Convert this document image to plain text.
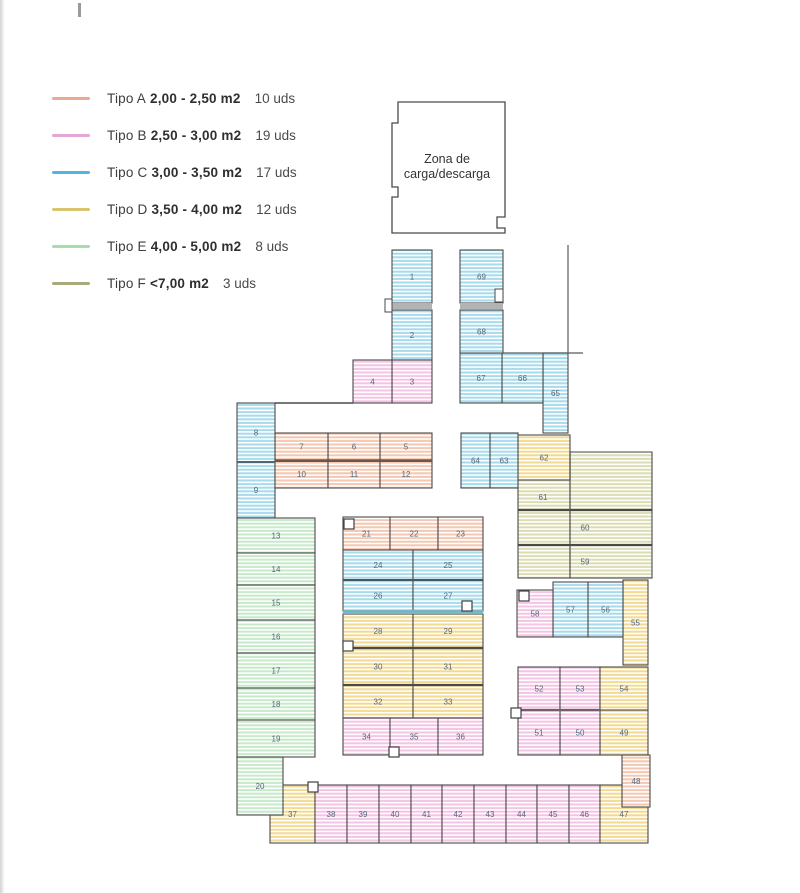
Tipo A 2,00 - 2,50 m2 10 uds
Tipo B 2,50 - 3,00 m2 19 uds
Tipo C 3,00 - 3,50 m2 17 uds
Tipo D 3,50 - 4,00 m2 12 uds
Tipo E 4,00 - 5,00 m2 8 uds
Tipo F <7,00 m2 3 uds
Zona de
carga/descarga
37
1
2
3
4
5
6
7
8
9
10	11	12
13
14
15
16
17
18
19
20
21	22	23
24	25
26	27
28	29
30	31
32	33
34	35	36
38	39	40	41	42	43	44	45	46	47
48
49
50
51
52	53	54
55
56
57
58
59
60
61
62
63
64
65
66
67
68
69
